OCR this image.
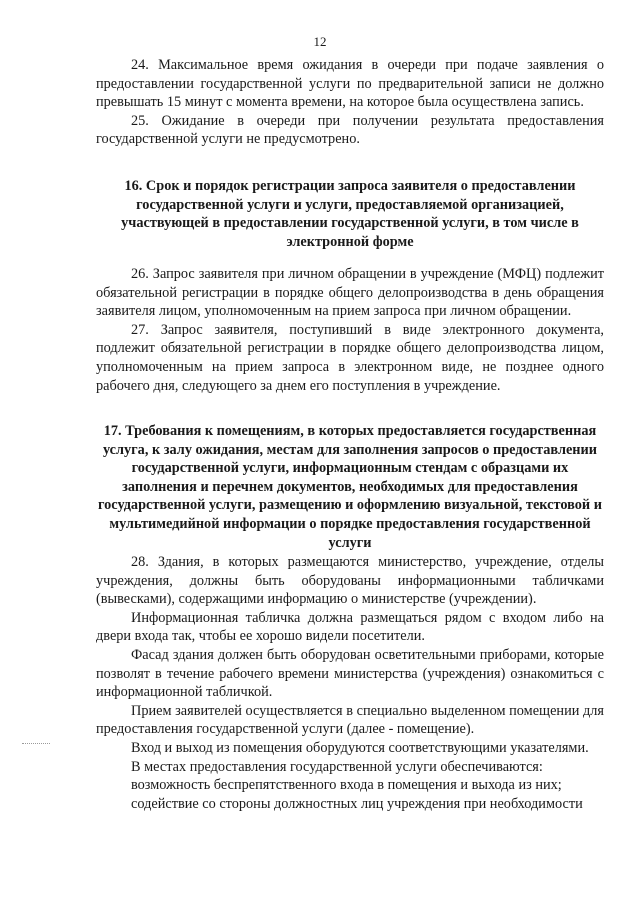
12

24. Максимальное время ожидания в очереди при подаче заявления о предоставлении государственной услуги по предварительной записи не должно превышать 15 минут с момента времени, на которое была осуществлена запись.

25. Ожидание в очереди при получении результата предоставления государственной услуги не предусмотрено.

16. Срок и порядок регистрации запроса заявителя о предоставлении государственной услуги и услуги, предоставляемой организацией, участвующей в предоставлении государственной услуги, в том числе в электронной форме

26. Запрос заявителя при личном обращении в учреждение (МФЦ) подлежит обязательной регистрации в порядке общего делопроизводства в день обращения заявителя лицом, уполномоченным на прием запроса при личном обращении.

27. Запрос заявителя, поступивший в виде электронного документа, подлежит обязательной регистрации в порядке общего делопроизводства лицом, уполномоченным на прием запроса в электронном виде, не позднее одного рабочего дня, следующего за днем его поступления в учреждение.

17. Требования к помещениям, в которых предоставляется государственная услуга, к залу ожидания, местам для заполнения запросов о предоставлении государственной услуги, информационным стендам с образцами их заполнения и перечнем документов, необходимых для предоставления государственной услуги, размещению и оформлению визуальной, текстовой и мультимедийной информации о порядке предоставления государственной услуги

28. Здания, в которых размещаются министерство, учреждение, отделы учреждения, должны быть оборудованы информационными табличками (вывесками), содержащими информацию о министерстве (учреждении).

Информационная табличка должна размещаться рядом с входом либо на двери входа так, чтобы ее хорошо видели посетители.

Фасад здания должен быть оборудован осветительными приборами, которые позволят в течение рабочего времени министерства (учреждения) ознакомиться с информационной табличкой.

Прием заявителей осуществляется в специально выделенном помещении для предоставления государственной услуги (далее - помещение).

Вход и выход из помещения оборудуются соответствующими указателями.

В местах предоставления государственной услуги обеспечиваются:

возможность беспрепятственного входа в помещения и выхода из них;

содействие со стороны должностных лиц учреждения при необходимости
